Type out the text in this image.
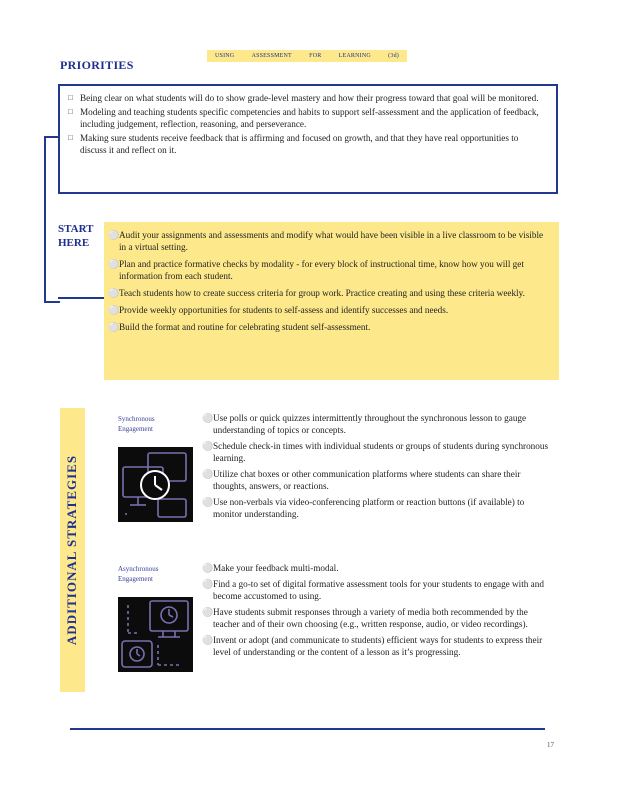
USING	ASSESSMENT	FOR	LEARNING	(3d)
PRIORITIES
□ Being clear on what students will do to show grade-level mastery and how their progress toward that goal will be monitored.
□ Modeling and teaching students specific competencies and habits to support self-assessment and the application of feedback, including judgement, reflection, reasoning, and perseverance.
□ Making sure students receive feedback that is affirming and focused on growth, and that they have real opportunities to discuss it and reflect on it.
START
HERE
⚪ Audit your assignments and assessments and modify what would have been visible in a live classroom to be visible in a virtual setting.
⚪ Plan and practice formative checks by modality - for every block of instructional time, know how you will get information from each student.
⚪ Teach students how to create success criteria for group work. Practice creating and using these criteria weekly.
⚪ Provide weekly opportunities for students to self-assess and identify successes and needs.
⚪ Build the format and routine for celebrating student self-assessment.
ADDITIONAL STRATEGIES
Synchronous
Engagement
⚪ Use polls or quick quizzes intermittently throughout the synchronous lesson to gauge understanding of topics or concepts.
⚪ Schedule check-in times with individual students or groups of students during synchronous learning.
⚪ Utilize chat boxes or other communication platforms where students can share their thoughts, answers, or reactions.
⚪ Use non-verbals via video-conferencing platform or reaction buttons (if available) to monitor understanding.
Asynchronous
Engagement
⚪ Make your feedback multi-modal.
⚪ Find a go-to set of digital formative assessment tools for your students to engage with and become accustomed to using.
⚪ Have students submit responses through a variety of media both recommended by the teacher and of their own choosing (e.g., written response, audio, or video recordings).
⚪ Invent or adopt (and communicate to students) efficient ways for students to express their level of understanding or the content of a lesson as it’s progressing.
17
